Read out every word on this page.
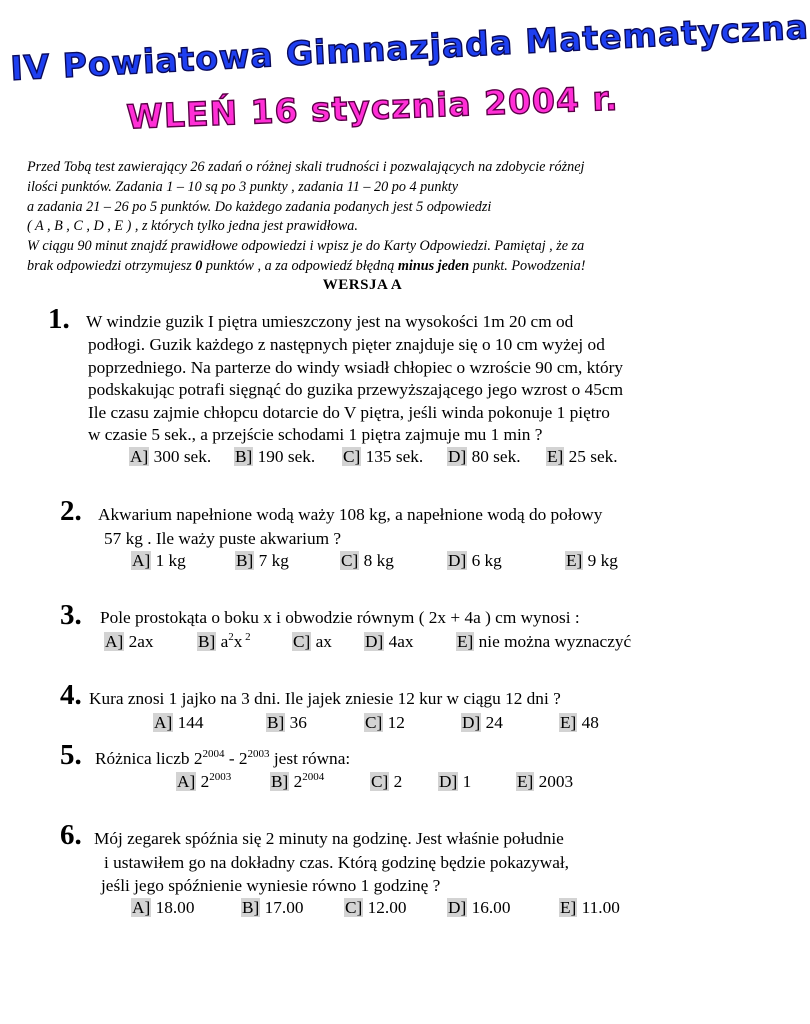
IV Powiatowa Gimnazjada Matematyczna
WLEŃ 16 stycznia 2004 r.
Przed Tobą test zawierający 26 zadań o różnej skali trudności i pozwalających na zdobycie różnej
ilości punktów. Zadania 1 – 10 są po 3 punkty , zadania 11 – 20 po 4 punkty
a zadania 21 – 26 po 5 punktów. Do każdego zadania podanych jest 5 odpowiedzi
( A , B , C , D , E ) , z których tylko jedna jest prawidłowa.
W ciągu 90 minut znajdź prawidłowe odpowiedzi i wpisz je do Karty Odpowiedzi. Pamiętaj , że za
brak odpowiedzi otrzymujesz 0 punktów , a za odpowiedź błędną minus jeden punkt. Powodzenia!
WERSJA A
1. W windzie guzik I piętra umieszczony jest na wysokości 1m 20 cm od
podłogi. Guzik każdego z następnych pięter znajduje się o 10 cm wyżej od
poprzedniego. Na parterze do windy wsiadł chłopiec o wzroście 90 cm, który
podskakując potrafi sięgnąć do guzika przewyższającego jego wzrost o 45cm
Ile czasu zajmie chłopcu dotarcie do V piętra, jeśli winda pokonuje 1 piętro
w czasie 5 sek., a przejście schodami 1 piętra zajmuje mu 1 min ?
A] 300 sek. B] 190 sek. C] 135 sek. D] 80 sek. E] 25 sek.
2. Akwarium napełnione wodą waży 108 kg, a napełnione wodą do połowy
57 kg . Ile waży puste akwarium ?
A] 1 kg	B] 7 kg	C] 8 kg	D] 6 kg	E] 9 kg
3. Pole prostokąta o boku x i obwodzie równym ( 2x + 4a ) cm wynosi :
A] 2ax	B] $a^2x$ $^2$ C] ax D] 4ax	E] nie można wyznaczyć
4. Kura znosi 1 jajko na 3 dni. Ile jajek zniesie 12 kur w ciągu 12 dni ?
A] 144	B] 36	C] 12	D] 24	E] 48
5. Różnica liczb $2^{2004} - 2^{2003}$ jest równa:
A] $2^{2003}$ B] $2^{2004}$	C] 2 D] 1	E] 2003
6. Mój zegarek spóźnia się 2 minuty na godzinę. Jest właśnie południe
i ustawiłem go na dokładny czas. Którą godzinę będzie pokazywał,
jeśli jego spóźnienie wyniesie równo 1 godzinę ?
A] 18.00	B] 17.00 C] 12.00 D] 16.00	E] 11.00
